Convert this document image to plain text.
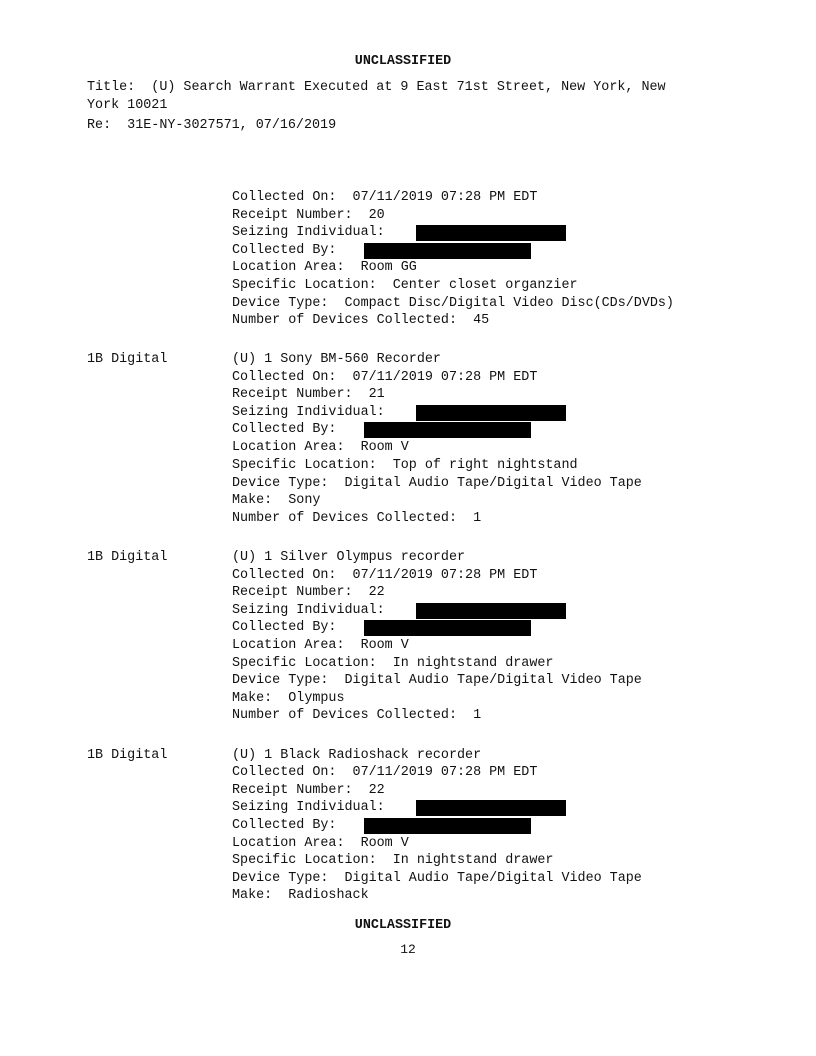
UNCLASSIFIED
Title:  (U) Search Warrant Executed at 9 East 71st Street, New York, New
York 10021
Re:  31E-NY-3027571, 07/16/2019
Collected On:  07/11/2019 07:28 PM EDT
Receipt Number:  20
Seizing Individual:
Collected By:
Location Area:  Room GG
Specific Location:  Center closet organzier
Device Type:  Compact Disc/Digital Video Disc(CDs/DVDs)
Number of Devices Collected:  45
1B Digital	(U) 1 Sony BM-560 Recorder
Collected On:  07/11/2019 07:28 PM EDT
Receipt Number:  21
Seizing Individual:
Collected By:
Location Area:  Room V
Specific Location:  Top of right nightstand
Device Type:  Digital Audio Tape/Digital Video Tape
Make:  Sony
Number of Devices Collected:  1
1B Digital	(U) 1 Silver Olympus recorder
Collected On:  07/11/2019 07:28 PM EDT
Receipt Number:  22
Seizing Individual:
Collected By:
Location Area:  Room V
Specific Location:  In nightstand drawer
Device Type:  Digital Audio Tape/Digital Video Tape
Make:  Olympus
Number of Devices Collected:  1
1B Digital	(U) 1 Black Radioshack recorder
Collected On:  07/11/2019 07:28 PM EDT
Receipt Number:  22
Seizing Individual:
Collected By:
Location Area:  Room V
Specific Location:  In nightstand drawer
Device Type:  Digital Audio Tape/Digital Video Tape
Make:  Radioshack
UNCLASSIFIED
12
